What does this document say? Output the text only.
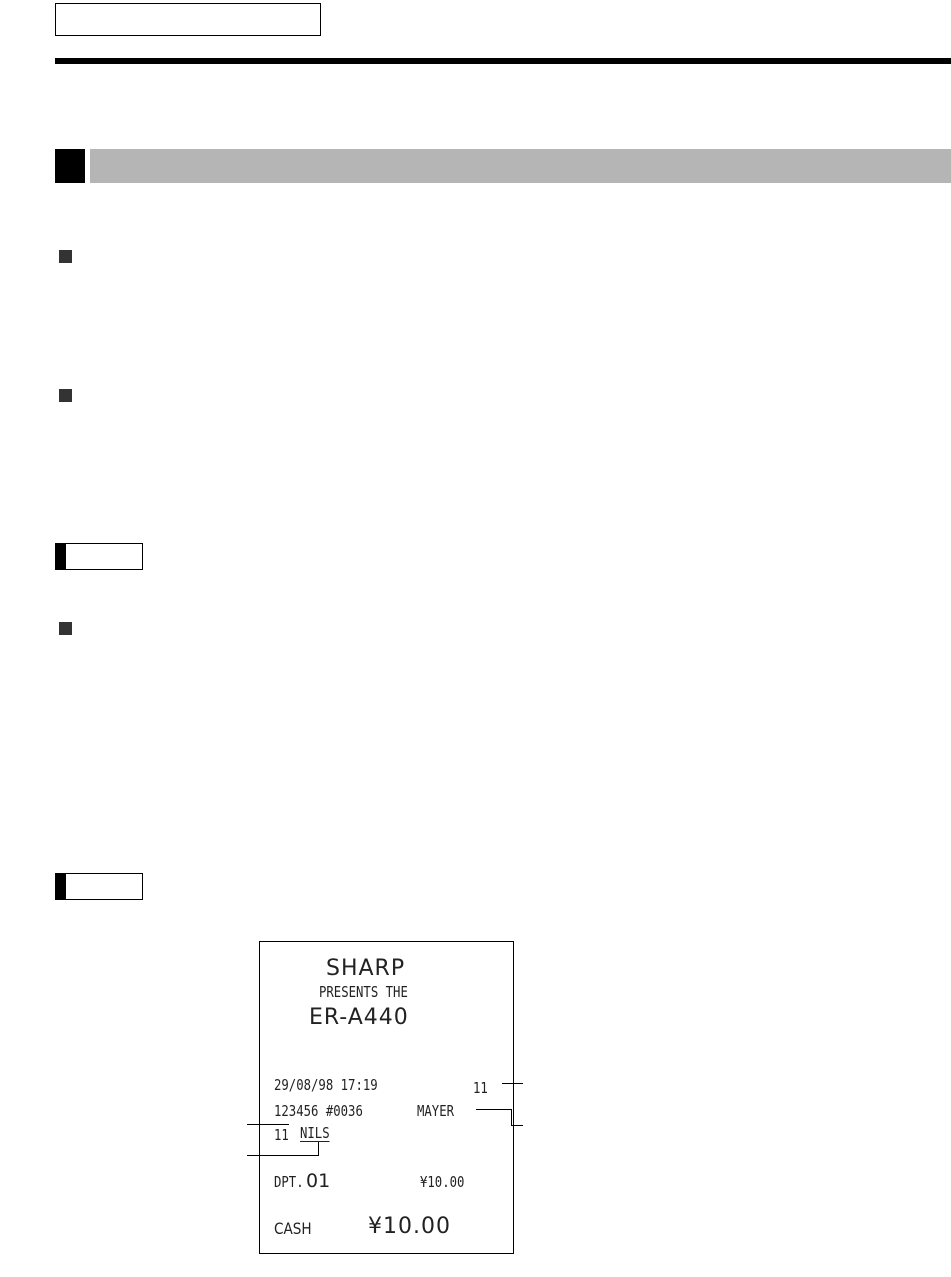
SHARP
PRESENTS THE
ER-A440
29/08/98 17:19	11
123456 #0036	MAYER
11 NILS
DPT. 01	¥10.00
CASH	¥10.00
